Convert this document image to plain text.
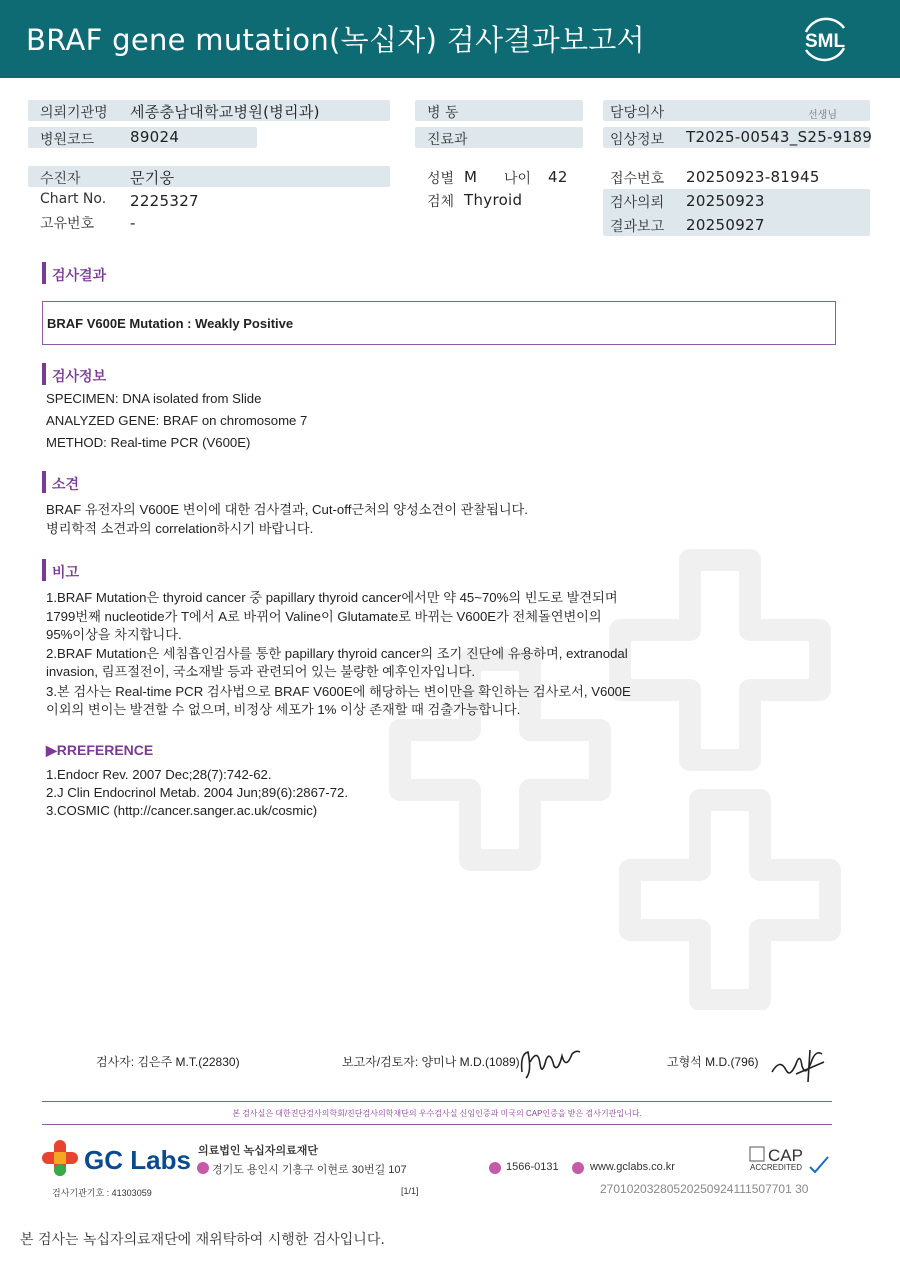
BRAF gene mutation(녹십자) 검사결과보고서	SML
의뢰기관명 세종충남대학교병원(병리과)	병 동	담당의사	선생님
병원코드 89024	진료과	임상정보 T2025-00543_S25-9189
수진자	문기웅	성별 M 나이 42	접수번호 20250923-81945
Chart No. 2225327	검체 Thyroid	검사의뢰 20250923
고유번호 -	결과보고 20250927
검사결과
BRAF V600E Mutation : Weakly Positive
검사정보
SPECIMEN: DNA isolated from Slide
ANALYZED GENE: BRAF on chromosome 7
METHOD: Real-time PCR (V600E)
소견
BRAF 유전자의 V600E 변이에 대한 검사결과, Cut-off근처의 양성소견이 관찰됩니다.
병리학적 소견과의 correlation하시기 바랍니다.
비고
1.BRAF Mutation은 thyroid cancer 중 papillary thyroid cancer에서만 약 45~70%의 빈도로 발견되며
1799번째 nucleotide가 T에서 A로 바뀌어 Valine이 Glutamate로 바뀌는 V600E가 전체돌연변이의
95%이상을 차지합니다.
2.BRAF Mutation은 세침흡인검사를 통한 papillary thyroid cancer의 조기 진단에 유용하며, extranodal
invasion, 림프절전이, 국소재발 등과 관련되어 있는 불량한 예후인자입니다.
3.본 검사는 Real-time PCR 검사법으로 BRAF V600E에 해당하는 변이만을 확인하는 검사로서, V600E
이외의 변이는 발견할 수 없으며, 비정상 세포가 1% 이상 존재할 때 검출가능합니다.
▶RREFERENCE
1.Endocr Rev. 2007 Dec;28(7):742-62.
2.J Clin Endocrinol Metab. 2004 Jun;89(6):2867-72.
3.COSMIC (http://cancer.sanger.ac.uk/cosmic)
검사자: 김은주 M.T.(22830)	보고자/검토자: 양미나 M.D.(1089)	고형석 M.D.(796)
본 검사실은 대한진단검사의학회/진단검사의학재단의 우수검사실 신임인증과 미국의 CAP인증을 받은 검사기관입니다.
GC Labs 의료법인 녹십자의료재단
경기도 용인시 기흥구 이현로 30번길 107	1566-0131	www.gclabs.co.kr
CAP
ACCREDITED
검사기관기호 : 41303059	[1/1]	27010203280520250924111507701 30
본 검사는 녹십자의료재단에 재위탁하여 시행한 검사입니다.
